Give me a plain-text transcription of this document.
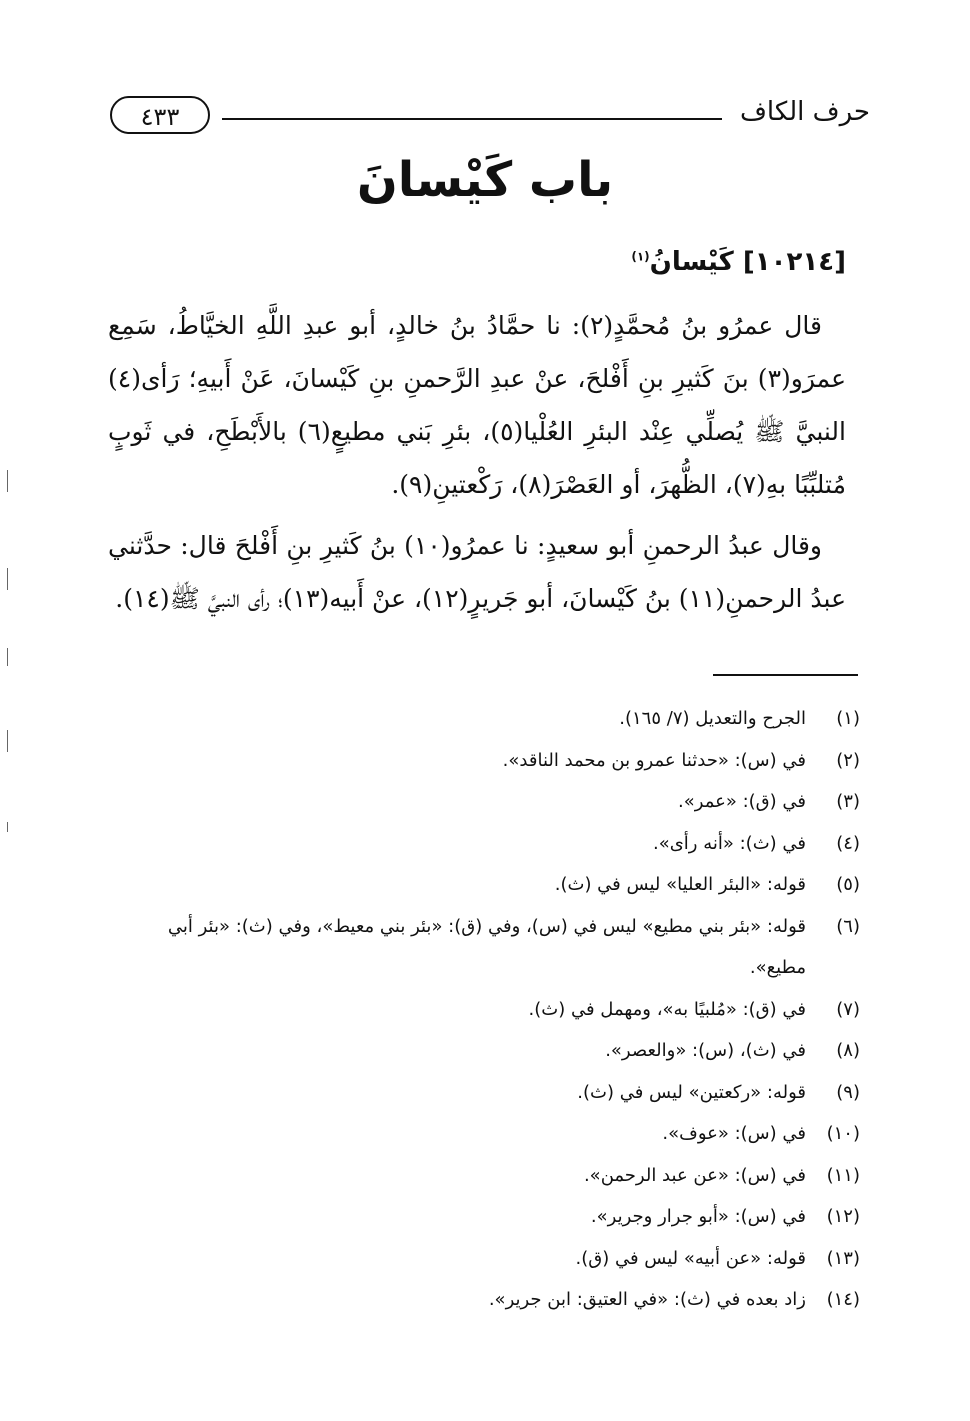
حرف الكاف
٤٣٣
باب كَيْسانَ
[١٠٢١٤] كَيْسانُ$^{(١)}$

قال عمرُو بنُ مُحمَّدٍ(٢): نا حمَّادُ بنُ خالدٍ، أبو عبدِ اللَّهِ الخيَّاطُ، سَمِع عمرَو(٣) بنَ كَثيرِ بنِ أَفْلحَ، عنْ عبدِ الرَّحمنِ بنِ كَيْسانَ، عَنْ أَبيهِ؛ رَأى(٤) النبيَّ ﷺ يُصلِّي عِنْد البئرِ العُلْيا(٥)، بئرِ بَني مطيعٍ(٦) بالأَبْطَحِ، في ثَوبٍ مُتلبِّبًا بهِ(٧)، الظُّهرَ، أو العَصْرَ(٨)، رَكْعتينِ(٩).

وقال عبدُ الرحمنِ أبو سعيدٍ: نا عمرُو(١٠) بنُ كَثيرِ بنِ أَفْلحَ قال: حدَّثني عبدُ الرحمنِ(١١) بنُ كَيْسانَ، أبو جَريرٍ(١٢)، عنْ أَبيه(١٣)؛ رأى النبيَّ ﷺ(١٤).

(١)
الجرح والتعديل (٧/ ١٦٥).
(٢)
في (س): «حدثنا عمرو بن محمد الناقد».
(٣)
في (ق): «عمر».
(٤)
في (ث): «أنه رأى».
(٥)
قوله: «البئر العليا» ليس في (ث).
(٦)
قوله: «بئر بني مطيع» ليس في (س)، وفي (ق): «بئر بني معيط»، وفي (ث): «بئر أبي مطيع».
(٧)
في (ق): «مُلبيًا به»، ومهمل في (ث).
(٨)
في (ث)، (س): «والعصر».
(٩)
قوله: «ركعتين» ليس في (ث).
(١٠)
في (س): «عوف».
(١١)
في (س): «عن عبد الرحمن».
(١٢)
في (س): «أبو جرار وجرير».
(١٣)
قوله: «عن أبيه» ليس في (ق).
(١٤)
زاد بعده في (ث): «في العتيق: ابن جرير».
